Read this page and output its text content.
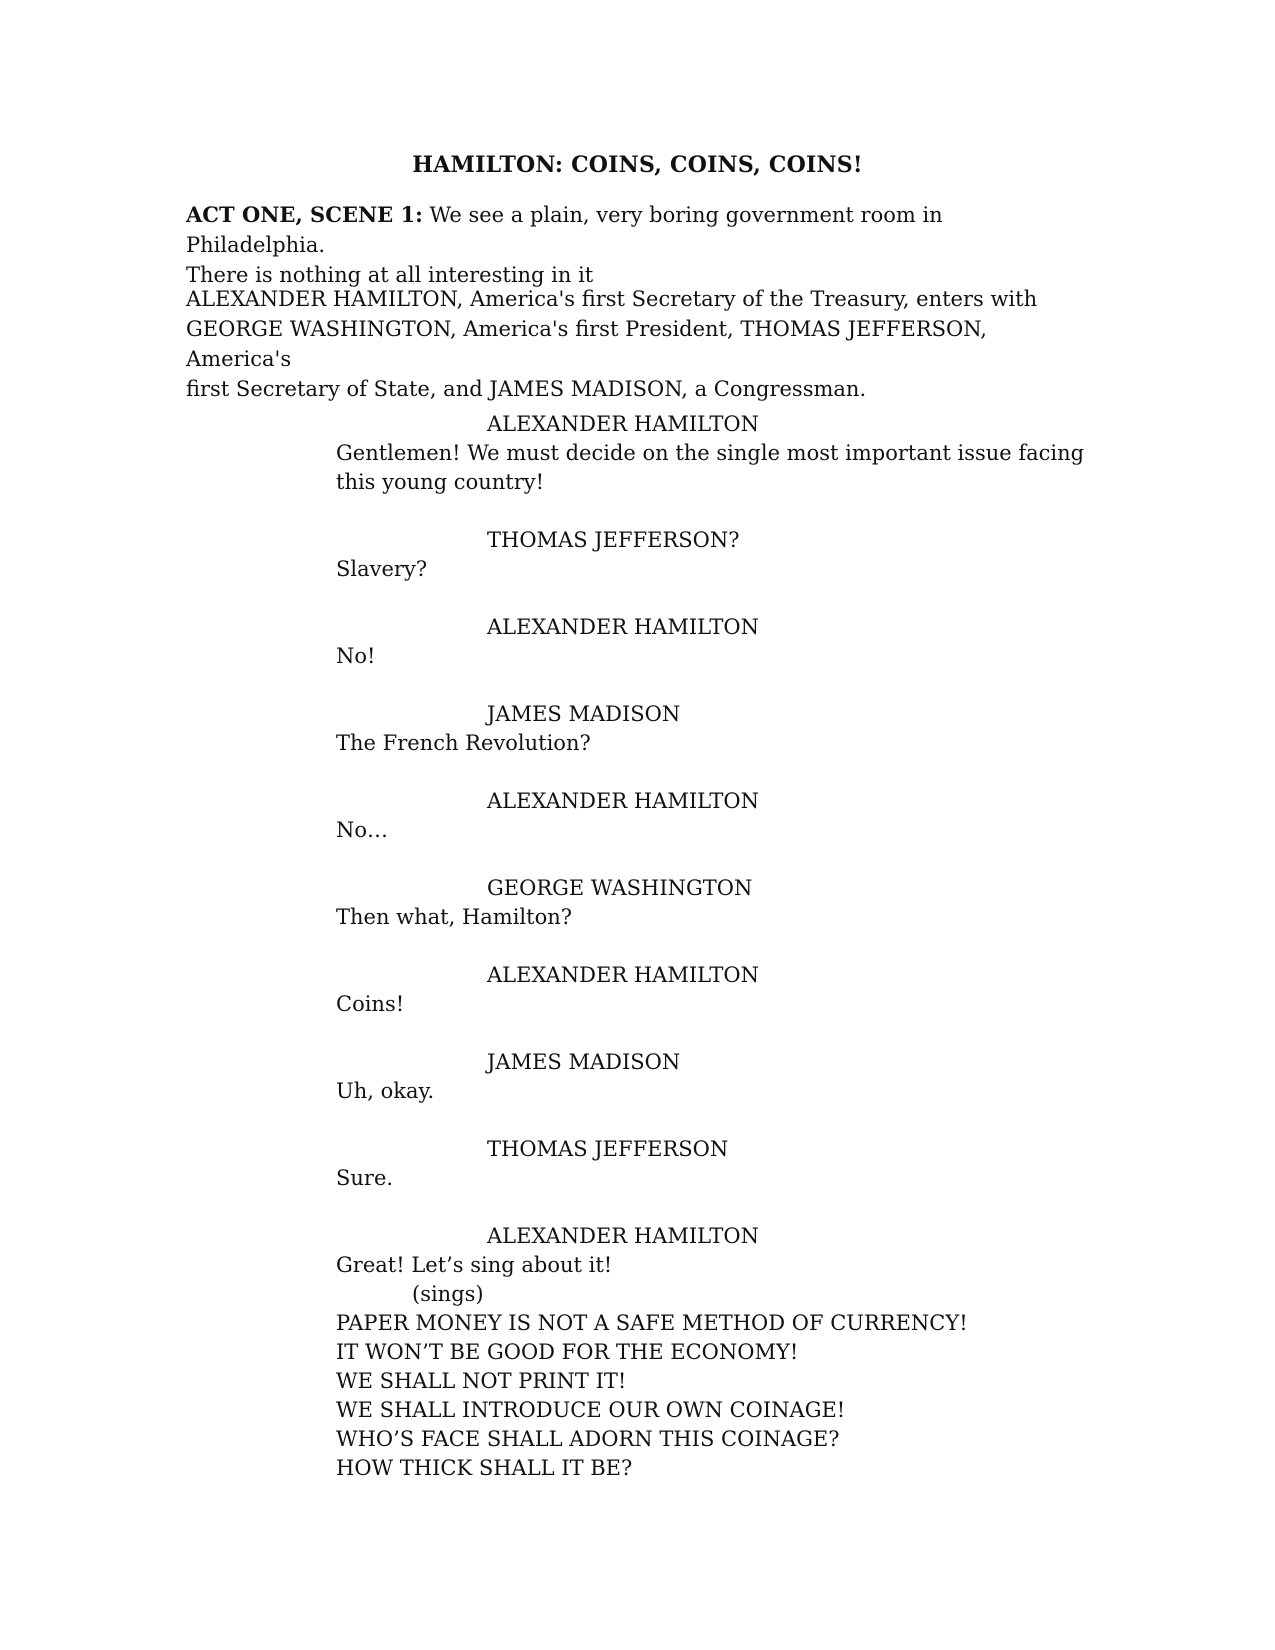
HAMILTON: COINS, COINS, COINS!
ACT ONE, SCENE 1: We see a plain, very boring government room in Philadelphia.
There is nothing at all interesting in it
ALEXANDER HAMILTON, America's first Secretary of the Treasury, enters with
GEORGE WASHINGTON, America's first President, THOMAS JEFFERSON, America's
first Secretary of State, and JAMES MADISON, a Congressman.
ALEXANDER HAMILTON
Gentlemen! We must decide on the single most important issue facing
this young country!
THOMAS JEFFERSON?
Slavery?
ALEXANDER HAMILTON
No!
JAMES MADISON
The French Revolution?
ALEXANDER HAMILTON
No…
GEORGE WASHINGTON
Then what, Hamilton?
ALEXANDER HAMILTON
Coins!
JAMES MADISON
Uh, okay.
THOMAS JEFFERSON
Sure.
ALEXANDER HAMILTON
Great! Let’s sing about it!
(sings)
PAPER MONEY IS NOT A SAFE METHOD OF CURRENCY!
IT WON’T BE GOOD FOR THE ECONOMY!
WE SHALL NOT PRINT IT!
WE SHALL INTRODUCE OUR OWN COINAGE!
WHO’S FACE SHALL ADORN THIS COINAGE?
HOW THICK SHALL IT BE?
